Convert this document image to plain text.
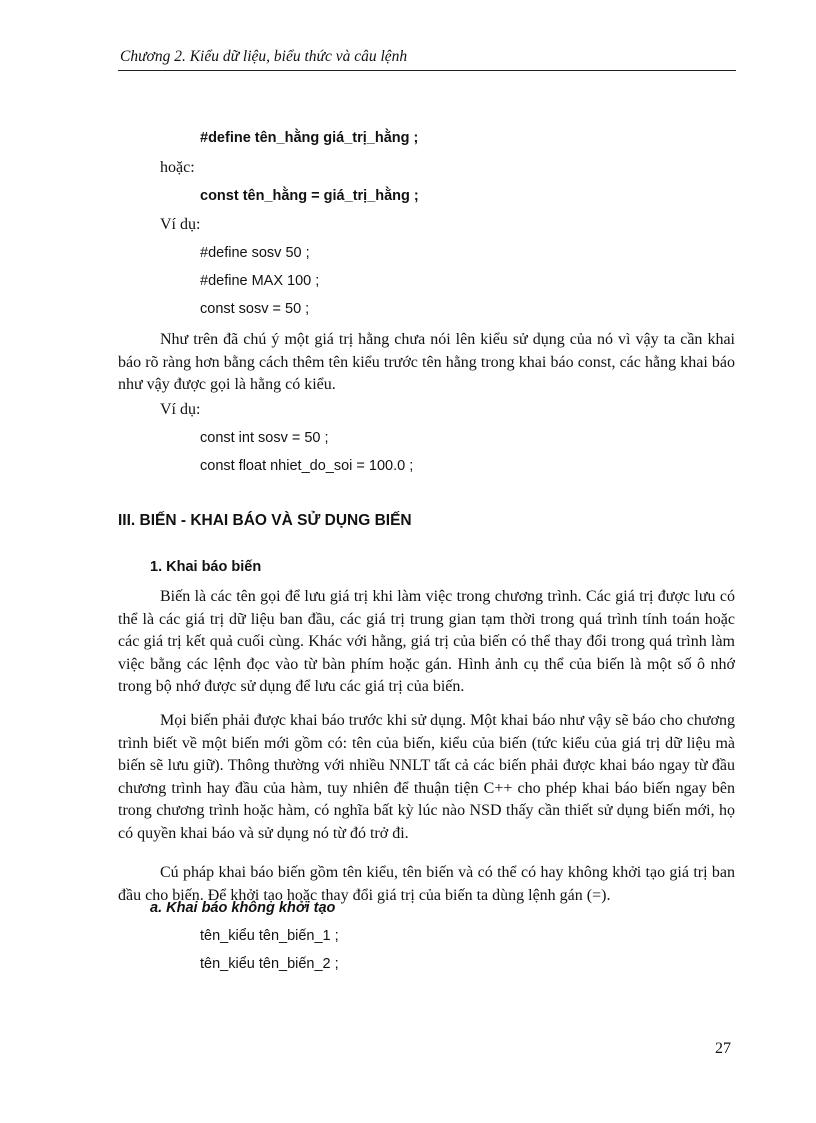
Chương 2. Kiểu dữ liệu, biểu thức và câu lệnh
#define tên_hằng giá_trị_hằng ;
hoặc:
const tên_hằng = giá_trị_hằng ;
Ví dụ:
#define sosv 50 ;
#define MAX 100 ;
const sosv = 50 ;

Như trên đã chú ý một giá trị hằng chưa nói lên kiểu sử dụng của nó vì vậy ta cần khai báo rõ ràng hơn bằng cách thêm tên kiểu trước tên hằng trong khai báo const, các hằng khai báo như vậy được gọi là hằng có kiểu.

Ví dụ:
const int sosv = 50 ;
const float nhiet_do_soi = 100.0 ;
III. BIẾN - KHAI BÁO VÀ SỬ DỤNG BIẾN
1. Khai báo biến

Biến là các tên gọi để lưu giá trị khi làm việc trong chương trình. Các giá trị được lưu có thể là các giá trị dữ liệu ban đầu, các giá trị trung gian tạm thời trong quá trình tính toán hoặc các giá trị kết quả cuối cùng. Khác với hằng, giá trị của biến có thể thay đổi trong quá trình làm việc bằng các lệnh đọc vào từ bàn phím hoặc gán. Hình ảnh cụ thể của biến là một số ô nhớ trong bộ nhớ được sử dụng để lưu các giá trị của biến.

Mọi biến phải được khai báo trước khi sử dụng. Một khai báo như vậy sẽ báo cho chương trình biết về một biến mới gồm có: tên của biến, kiểu của biến (tức kiểu của giá trị dữ liệu mà biến sẽ lưu giữ). Thông thường với nhiều NNLT tất cả các biến phải được khai báo ngay từ đầu chương trình hay đầu của hàm, tuy nhiên để thuận tiện C++ cho phép khai báo biến ngay bên trong chương trình hoặc hàm, có nghĩa bất kỳ lúc nào NSD thấy cần thiết sử dụng biến mới, họ có quyền khai báo và sử dụng nó từ đó trở đi.

Cú pháp khai báo biến gồm tên kiểu, tên biến và có thể có hay không khởi tạo giá trị ban đầu cho biến. Để khởi tạo hoặc thay đổi giá trị của biến ta dùng lệnh gán (=).

a. Khai báo không khởi tạo
tên_kiểu tên_biến_1 ;
tên_kiểu tên_biến_2 ;
27
